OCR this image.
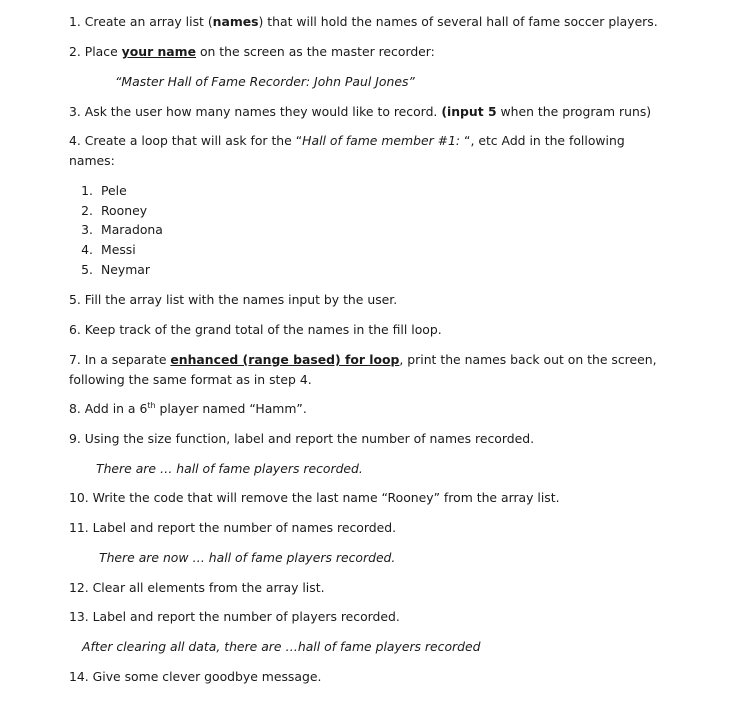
1. Create an array list (names) that will hold the names of several hall of fame soccer players.
2. Place your name on the screen as the master recorder:
“Master Hall of Fame Recorder: John Paul Jones”
3. Ask the user how many names they would like to record. (input 5 when the program runs)
4. Create a loop that will ask for the “Hall of fame member #1: “, etc Add in the following
names:
1. Pele
2. Rooney
3. Maradona
4. Messi
5. Neymar
5. Fill the array list with the names input by the user.
6. Keep track of the grand total of the names in the fill loop.
7. In a separate enhanced (range based) for loop, print the names back out on the screen,
following the same format as in step 4.
8. Add in a 6th player named “Hamm”.
9. Using the size function, label and report the number of names recorded.
There are … hall of fame players recorded.
10. Write the code that will remove the last name “Rooney” from the array list.
11. Label and report the number of names recorded.
There are now … hall of fame players recorded.
12. Clear all elements from the array list.
13. Label and report the number of players recorded.
After clearing all data, there are …hall of fame players recorded
14. Give some clever goodbye message.
